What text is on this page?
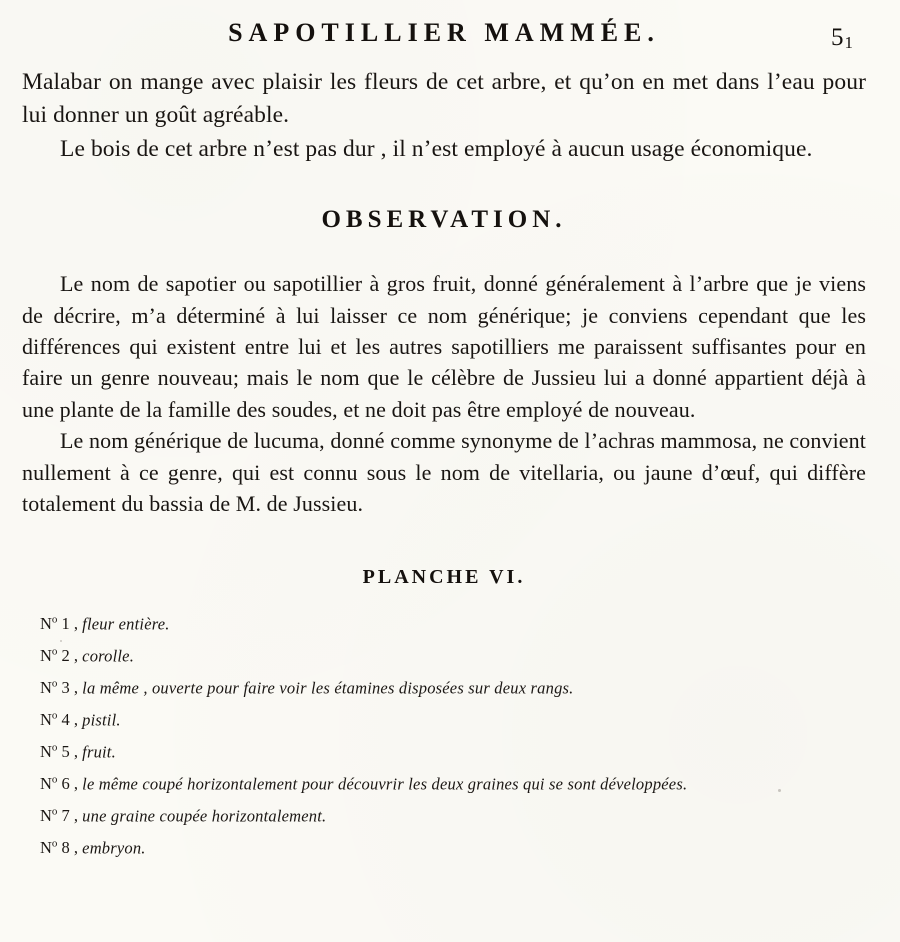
SAPOTILLIER MAMMÉE.	51

Malabar on mange avec plaisir les fleurs de cet arbre, et qu’on en met dans l’eau pour lui donner un goût agréable.

Le bois de cet arbre n’est pas dur , il n’est employé à aucun usage économique.

OBSERVATION.

Le nom de sapotier ou sapotillier à gros fruit, donné généralement à l’arbre que je viens de décrire, m’a déterminé à lui laisser ce nom générique; je conviens cependant que les différences qui existent entre lui et les autres sapotilliers me paraissent suffisantes pour en faire un genre nouveau; mais le nom que le célèbre de Jussieu lui a donné appartient déjà à une plante de la famille des soudes, et ne doit pas être employé de nouveau.

Le nom générique de lucuma, donné comme synonyme de l’achras mammosa, ne convient nullement à ce genre, qui est connu sous le nom de vitellaria, ou jaune d’œuf, qui diffère totalement du bassia de M. de Jussieu.

PLANCHE VI.
$N^o$ 1 , fleur entière.
$N^o$ 2 , corolle.
$N^o$ 3 , la même , ouverte pour faire voir les étamines disposées sur deux rangs.
$N^o$ 4 , pistil.
$N^o$ 5 , fruit.
$N^o$ 6 , le même coupé horizontalement pour découvrir les deux graines qui se sont développées.
$N^o$ 7 , une graine coupée horizontalement.
$N^o$ 8 , embryon.
